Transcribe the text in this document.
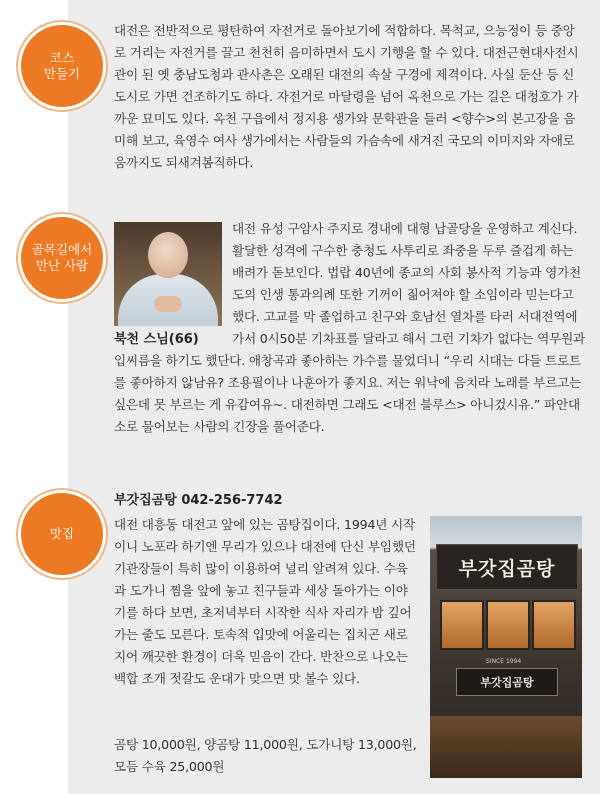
코스
만들기

대전은 전반적으로 평탄하여 자전거로 돌아보기에 적합하다. 목척교, 으능정이 등 중앙로 거리는 자전거를 끌고 천천히 음미하면서 도시 기행을 할 수 있다. 대전근현대사전시관이 된 옛 충남도청과 관사촌은 오래된 대전의 속살 구경에 제격이다. 사실 둔산 등 신도시로 가면 건조하기도 하다. 자전거로 마달령을 넘어 옥천으로 가는 길은 대청호가 가까운 묘미도 있다. 옥천 구읍에서 정지용 생가와 문학관을 들러 <향수>의 본고장을 음미해 보고, 육영수 여사 생가에서는 사람들의 가슴속에 새겨진 국모의 이미지와 자애로움까지도 되새겨봄직하다.

골목길에서
만난 사람
북천 스님(66)

대전 유성 구암사 주지로 경내에 대형 납골당을 운영하고 계신다. 활달한 성격에 구수한 충청도 사투리로 좌중을 두루 즐겁게 하는 배려가 돋보인다. 법랍 40년에 종교의 사회 봉사적 기능과 영가천도의 인생 통과의례 또한 기꺼이 짊어져야 할 소임이라 믿는다고 했다. 고교를 막 졸업하고 친구와 호남선 열차를 타러 서대전역에 가서 0시50분 기차표를 달라고 해서 그런 기차가 없다는 역무원과 입씨름을 하기도 했단다. 애창곡과 좋아하는 가수를 물었더니 “우리 시대는 다들 트로트를 좋아하지 않남유? 조용필이나 나훈아가 좋지요. 저는 워낙에 음치라 노래를 부르고는 싶은데 못 부르는 게 유감여유~. 대전하면 그래도 <대전 블루스> 아니겄시유.” 파안대소로 물어보는 사람의 긴장을 풀어준다.

맛집
부갓집곰탕 042-256-7742

대전 대흥동 대전고 앞에 있는 곰탕집이다. 1994년 시작이니 노포라 하기엔 무리가 있으나 대전에 단신 부임했던 기관장들이 특히 많이 이용하여 널리 알려져 있다. 수육과 도가니 찜을 앞에 놓고 친구들과 세상 돌아가는 이야기를 하다 보면, 초저녁부터 시작한 식사 자리가 밤 깊어 가는 줄도 모른다. 토속적 입맛에 어울리는 집치곤 새로 지어 깨끗한 환경이 더욱 믿음이 간다. 반찬으로 나오는 백합 조개 젓갈도 운대가 맞으면 맛 볼수 있다.

곰탕 10,000원, 양곰탕 11,000원, 도가니탕 13,000원, 모듬 수육 25,000원

부갓집곰탕
SINCE 1994
부갓집곰탕
